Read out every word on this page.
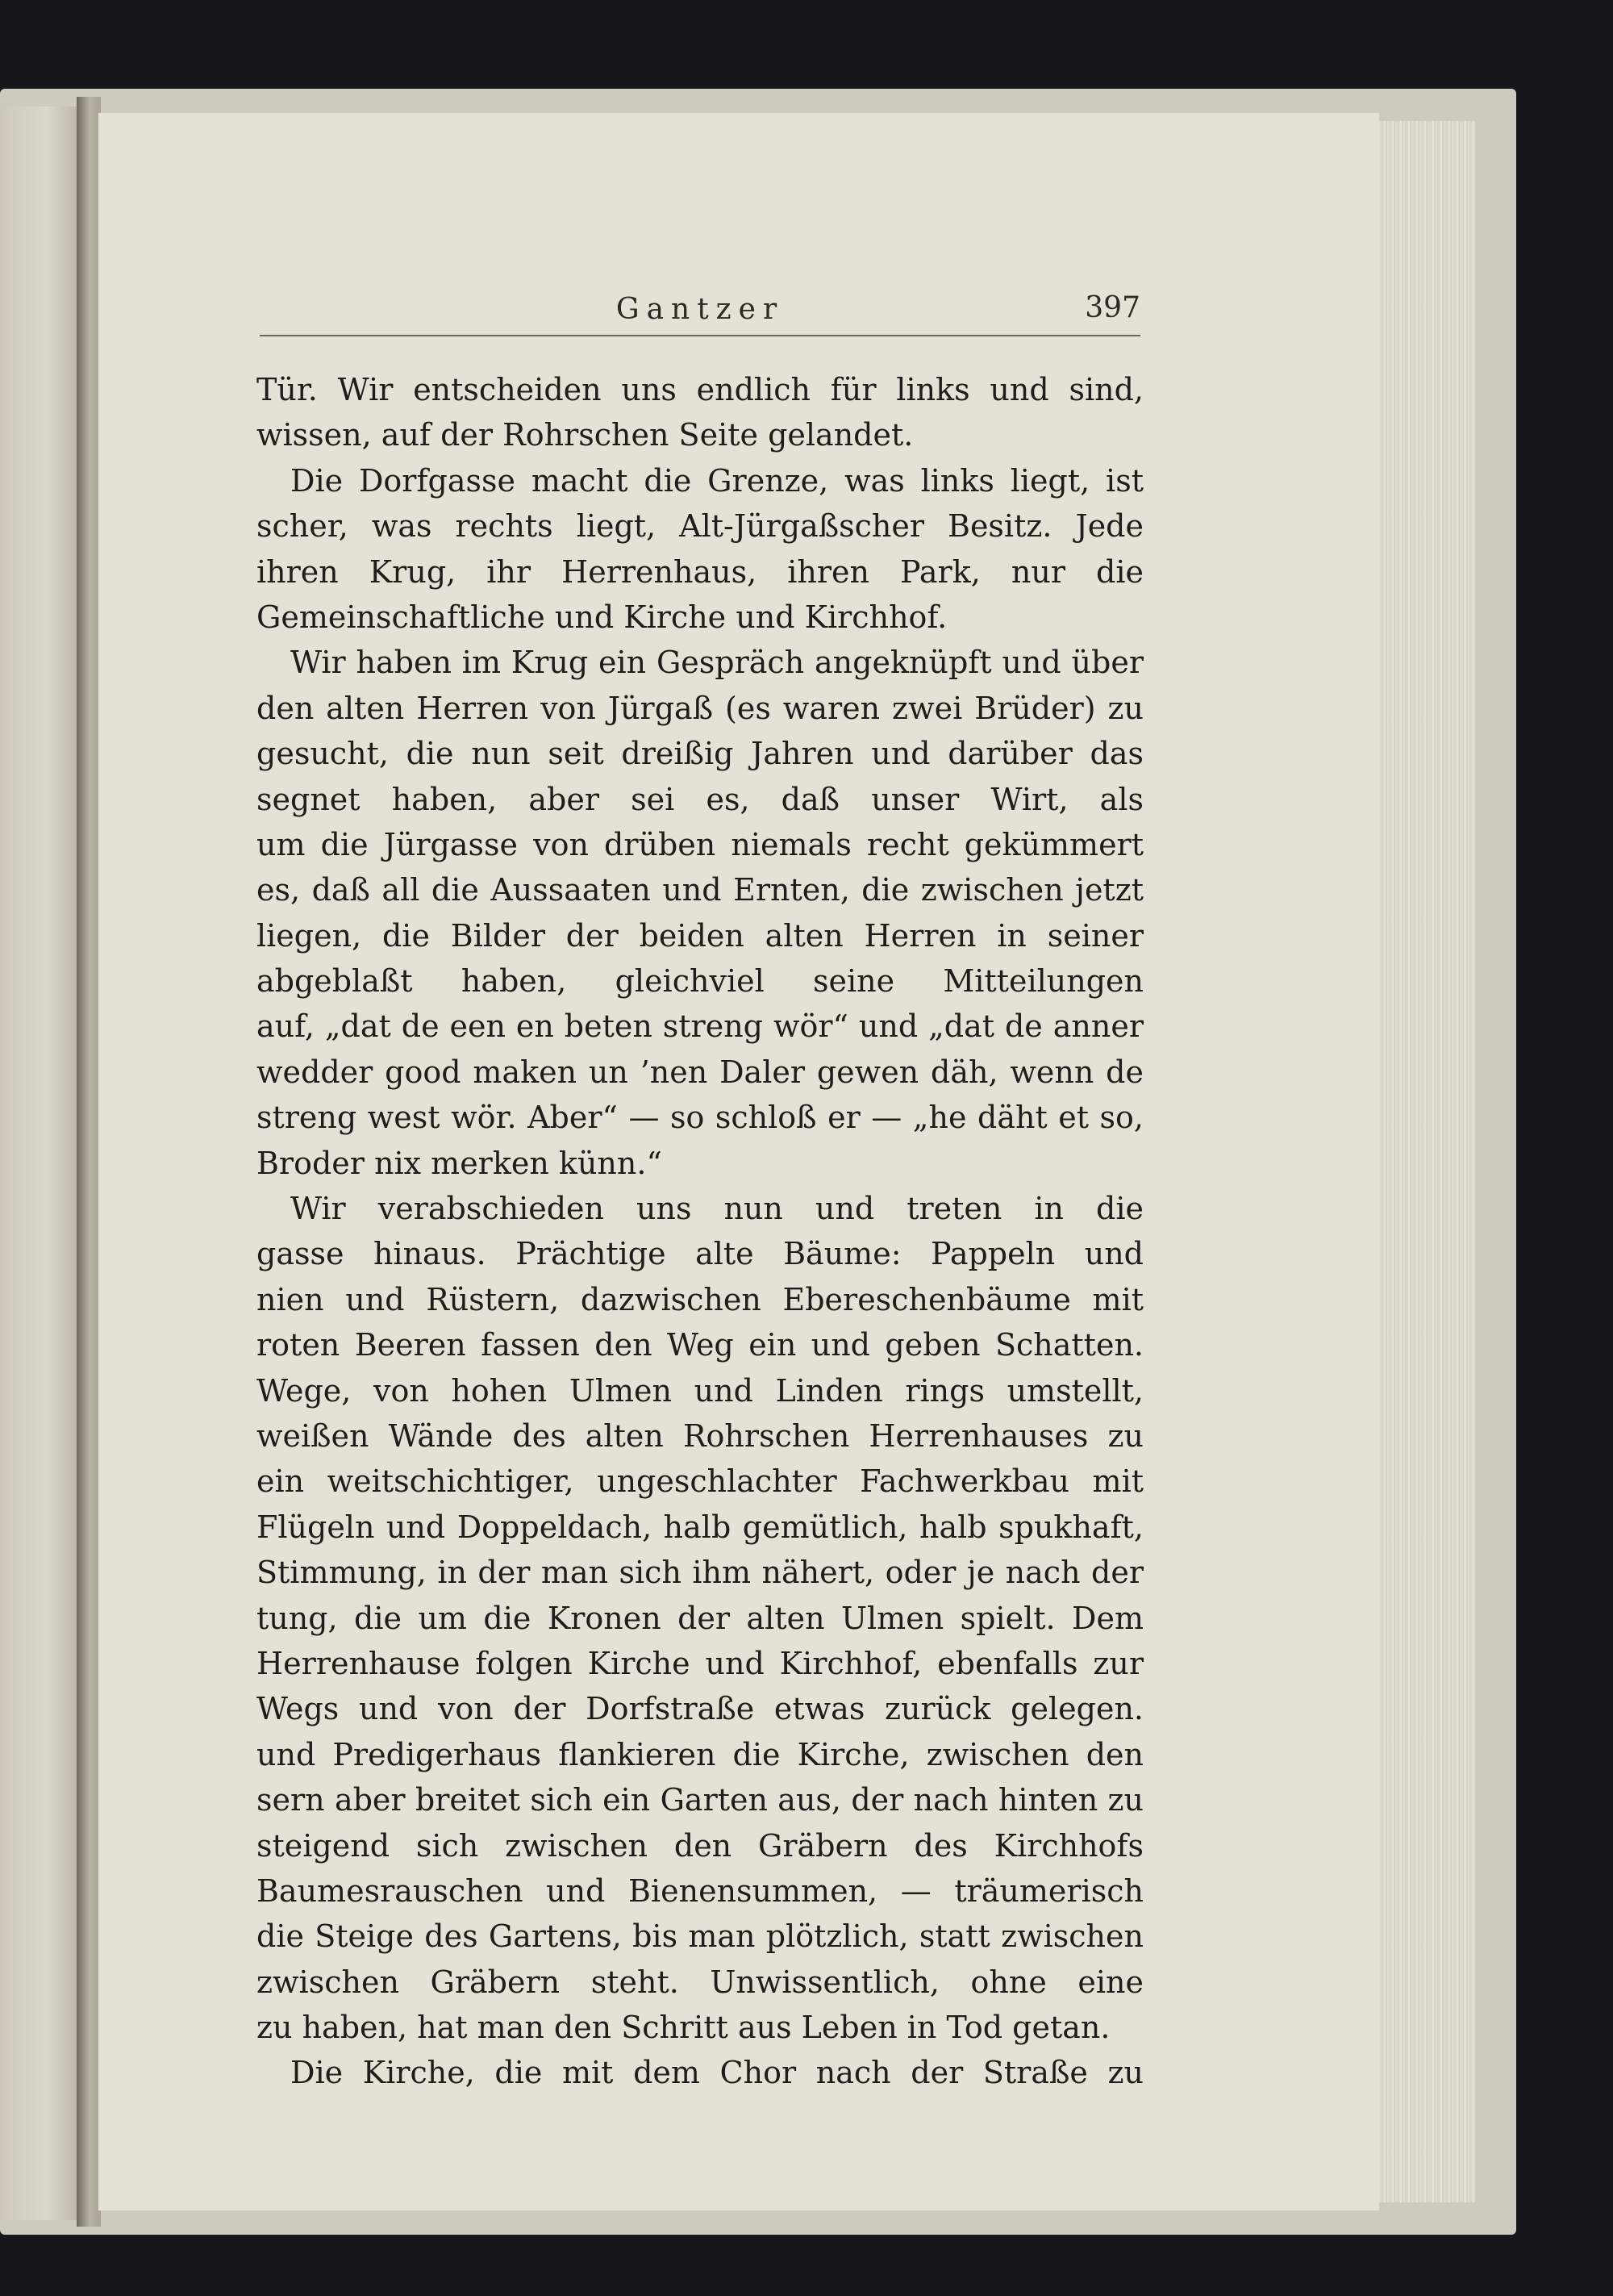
Gantzer	397
Tür. Wir entscheiden uns endlich für links und sind,
wissen, auf der Rohrschen Seite gelandet.
Die Dorfgasse macht die Grenze, was links liegt, ist
scher, was rechts liegt, Alt-Jürgaßscher Besitz. Jede
ihren Krug, ihr Herrenhaus, ihren Park, nur die
Gemeinschaftliche und Kirche und Kirchhof.
Wir haben im Krug ein Gespräch angeknüpft und über
den alten Herren von Jürgaß (es waren zwei Brüder) zu
gesucht, die nun seit dreißig Jahren und darüber das
segnet haben, aber sei es, daß unser Wirt, als
um die Jürgasse von drüben niemals recht gekümmert
es, daß all die Aussaaten und Ernten, die zwischen jetzt
liegen, die Bilder der beiden alten Herren in seiner
abgeblaßt haben, gleichviel seine Mitteilungen
auf, „dat de een en beten streng wör“ und „dat de anner
wedder good maken un ’nen Daler gewen däh, wenn de
streng west wör. Aber“ — so schloß er — „he däht et so,
Broder nix merken künn.“
Wir verabschieden uns nun und treten in die
gasse hinaus. Prächtige alte Bäume: Pappeln und
nien und Rüstern, dazwischen Ebereschenbäume mit
roten Beeren fassen den Weg ein und geben Schatten.
Wege, von hohen Ulmen und Linden rings umstellt,
weißen Wände des alten Rohrschen Herrenhauses zu
ein weitschichtiger, ungeschlachter Fachwerkbau mit
Flügeln und Doppeldach, halb gemütlich, halb spukhaft,
Stimmung, in der man sich ihm nähert, oder je nach der
tung, die um die Kronen der alten Ulmen spielt. Dem
Herrenhause folgen Kirche und Kirchhof, ebenfalls zur
Wegs und von der Dorfstraße etwas zurück gelegen.
und Predigerhaus flankieren die Kirche, zwischen den
sern aber breitet sich ein Garten aus, der nach hinten zu
steigend sich zwischen den Gräbern des Kirchhofs
Baumesrauschen und Bienensummen, — träumerisch
die Steige des Gartens, bis man plötzlich, statt zwischen
zwischen Gräbern steht. Unwissentlich, ohne eine
zu haben, hat man den Schritt aus Leben in Tod getan.
Die Kirche, die mit dem Chor nach der Straße zu
